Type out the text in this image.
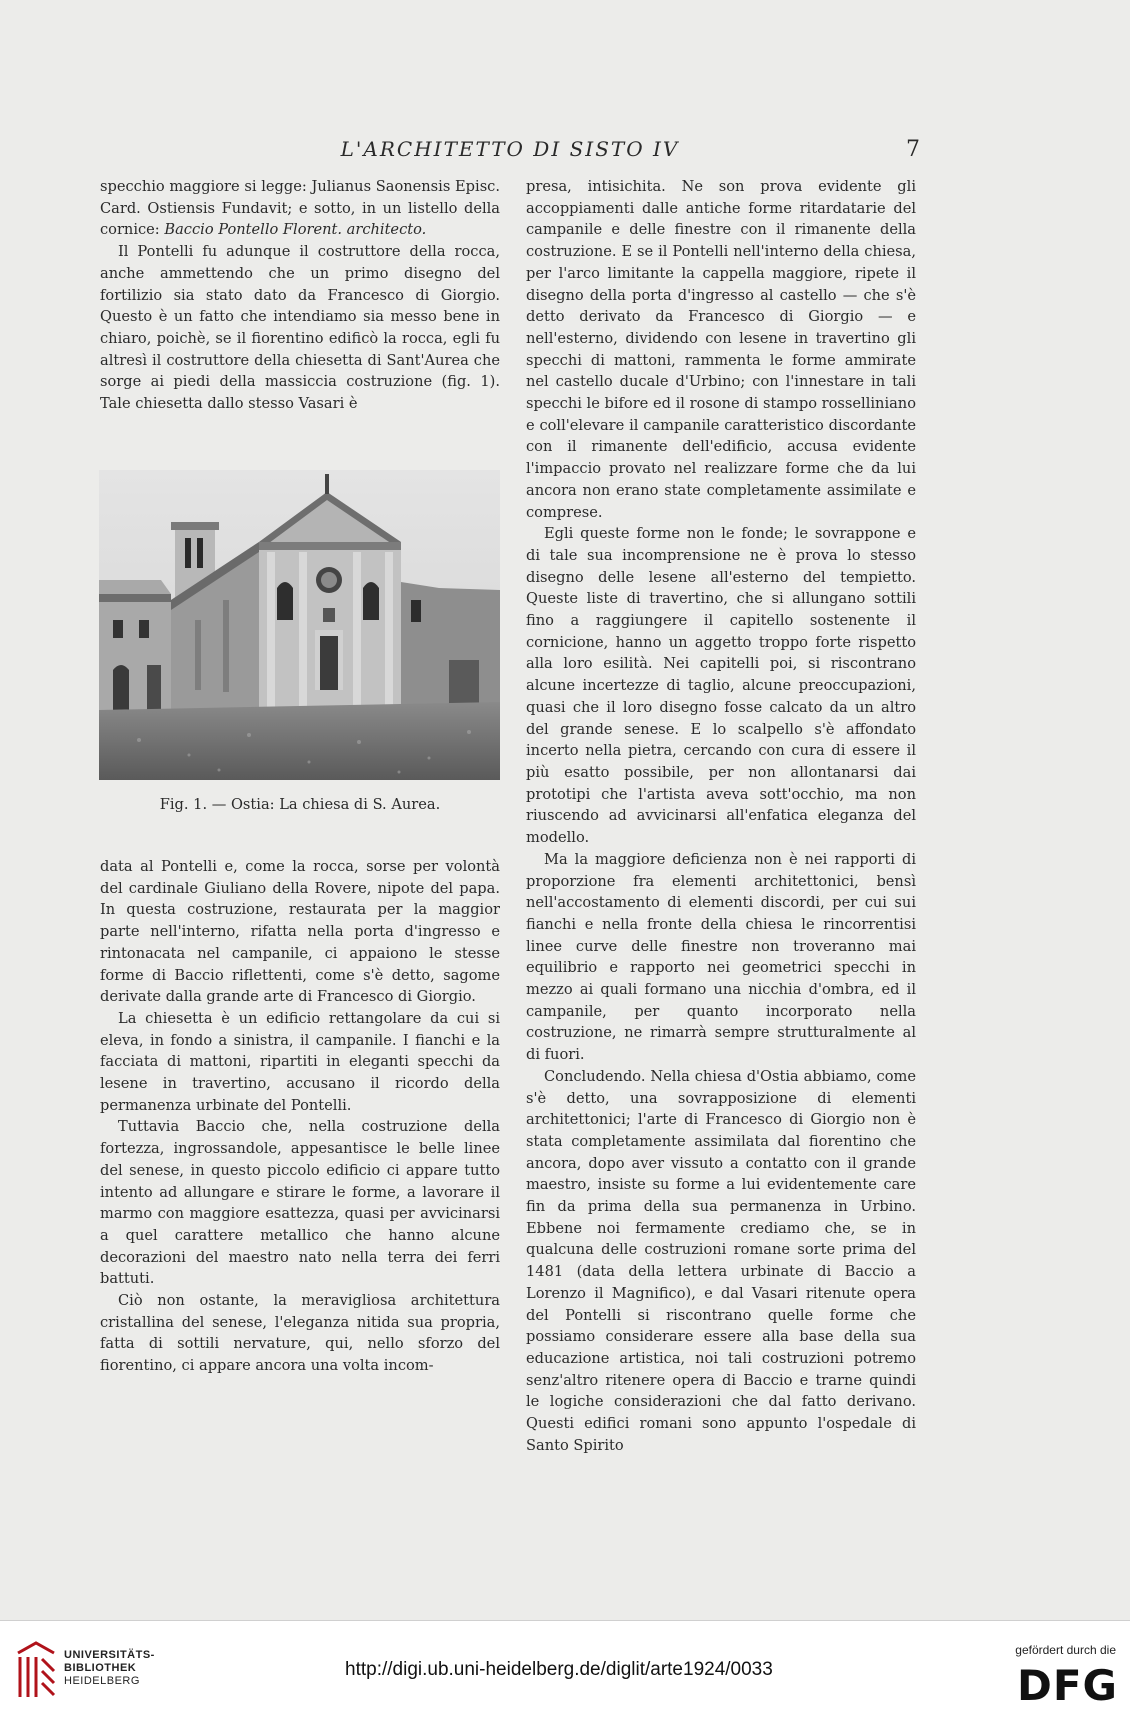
L'ARCHITETTO DI SISTO IV	7

specchio maggiore si legge: Julianus Saonensis Episc. Card. Ostiensis Fundavit; e sotto, in un listello della cornice: Baccio Pontello Florent. architecto.

Il Pontelli fu adunque il costruttore della rocca, anche ammettendo che un primo disegno del fortilizio sia stato dato da Francesco di Giorgio. Questo è un fatto che intendiamo sia messo bene in chiaro, poichè, se il fiorentino edificò la rocca, egli fu altresì il costruttore della chiesetta di Sant'Aurea che sorge ai piedi della massiccia costruzione (fig. 1). Tale chiesetta dallo stesso Vasari è

Fig. 1. — Ostia: La chiesa di S. Aurea.

data al Pontelli e, come la rocca, sorse per volontà del cardinale Giuliano della Rovere, nipote del papa. In questa costruzione, restaurata per la maggior parte nell'interno, rifatta nella porta d'ingresso e rintonacata nel campanile, ci appaiono le stesse forme di Baccio riflettenti, come s'è detto, sagome derivate dalla grande arte di Francesco di Giorgio.

La chiesetta è un edificio rettangolare da cui si eleva, in fondo a sinistra, il campanile. I fianchi e la facciata di mattoni, ripartiti in eleganti specchi da lesene in travertino, accusano il ricordo della permanenza urbinate del Pontelli.

Tuttavia Baccio che, nella costruzione della fortezza, ingrossandole, appesantisce le belle linee del senese, in questo piccolo edificio ci appare tutto intento ad allungare e stirare le forme, a lavorare il marmo con maggiore esattezza, quasi per avvicinarsi a quel carattere metallico che hanno alcune decorazioni del maestro nato nella terra dei ferri battuti.

Ciò non ostante, la meravigliosa architettura cristallina del senese, l'eleganza nitida sua propria, fatta di sottili nervature, qui, nello sforzo del fiorentino, ci appare ancora una volta incom-

presa, intisichita. Ne son prova evidente gli accoppiamenti dalle antiche forme ritardatarie del campanile e delle finestre con il rimanente della costruzione. E se il Pontelli nell'interno della chiesa, per l'arco limitante la cappella maggiore, ripete il disegno della porta d'ingresso al castello — che s'è detto derivato da Francesco di Giorgio — e nell'esterno, dividendo con lesene in travertino gli specchi di mattoni, rammenta le forme ammirate nel castello ducale d'Urbino; con l'innestare in tali specchi le bifore ed il rosone di stampo rosselliniano e coll'elevare il campanile caratteristico discordante con il rimanente dell'edificio, accusa evidente l'impaccio provato nel realizzare forme che da lui ancora non erano state completamente assimilate e comprese.

Egli queste forme non le fonde; le sovrappone e di tale sua incomprensione ne è prova lo stesso disegno delle lesene all'esterno del tempietto. Queste liste di travertino, che si allungano sottili fino a raggiungere il capitello sostenente il cornicione, hanno un aggetto troppo forte rispetto alla loro esilità. Nei capitelli poi, si riscontrano alcune incertezze di taglio, alcune preoccupazioni, quasi che il loro disegno fosse calcato da un altro del grande senese. E lo scalpello s'è affondato incerto nella pietra, cercando con cura di essere il più esatto possibile, per non allontanarsi dai prototipi che l'artista aveva sott'occhio, ma non riuscendo ad avvicinarsi all'enfatica eleganza del modello.

Ma la maggiore deficienza non è nei rapporti di proporzione fra elementi architettonici, bensì nell'accostamento di elementi discordi, per cui sui fianchi e nella fronte della chiesa le rincorrentisi linee curve delle finestre non troveranno mai equilibrio e rapporto nei geometrici specchi in mezzo ai quali formano una nicchia d'ombra, ed il campanile, per quanto incorporato nella costruzione, ne rimarrà sempre strutturalmente al di fuori.

Concludendo. Nella chiesa d'Ostia abbiamo, come s'è detto, una sovrapposizione di elementi architettonici; l'arte di Francesco di Giorgio non è stata completamente assimilata dal fiorentino che ancora, dopo aver vissuto a contatto con il grande maestro, insiste su forme a lui evidentemente care fin da prima della sua permanenza in Urbino. Ebbene noi fermamente crediamo che, se in qualcuna delle costruzioni romane sorte prima del 1481 (data della lettera urbinate di Baccio a Lorenzo il Magnifico), e dal Vasari ritenute opera del Pontelli si riscontrano quelle forme che possiamo considerare essere alla base della sua educazione artistica, noi tali costruzioni potremo senz'altro ritenere opera di Baccio e trarne quindi le logiche considerazioni che dal fatto derivano. Questi edifici romani sono appunto l'ospedale di Santo Spirito

UNIVERSITÄTS-
BIBLIOTHEK
HEIDELBERG
http://digi.ub.uni-heidelberg.de/diglit/arte1924/0033
gefördert durch die
DFG
